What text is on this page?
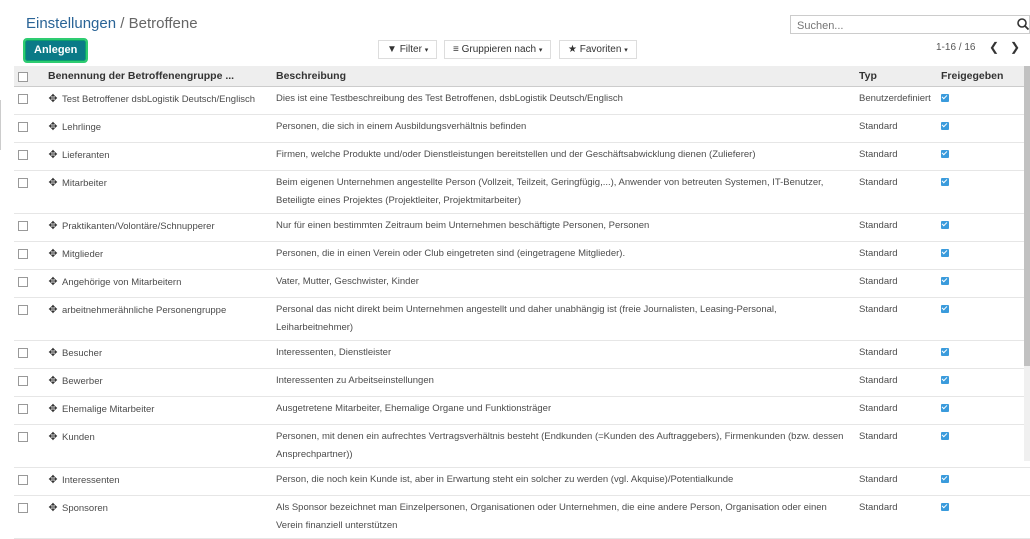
Einstellungen / Betroffene
Suchen...
Anlegen	▼ Filter ▾	≡ Gruppieren nach ▾	★ Favoriten ▾	1-16 / 16 ❮ ❯
	Benennung der Betroffenengruppe ...	Beschreibung	Typ	Freigegeben
	✥ Test Betroffener dsbLogistik Deutsch/Englisch	Dies ist eine Testbeschreibung des Test Betroffenen, dsbLogistik Deutsch/Englisch	Benutzerdefiniert	
	✥ Lehrlinge	Personen, die sich in einem Ausbildungsverhältnis befinden	Standard	
	✥ Lieferanten	Firmen, welche Produkte und/oder Dienstleistungen bereitstellen und der Geschäftsabwicklung dienen (Zulieferer)	Standard	
	✥ Mitarbeiter	Beim eigenen Unternehmen angestellte Person (Vollzeit, Teilzeit, Geringfügig,...), Anwender von betreuten Systemen, IT-Benutzer, Beteiligte eines Projektes (Projektleiter, Projektmitarbeiter)	Standard	
	✥ Praktikanten/Volontäre/Schnupperer	Nur für einen bestimmten Zeitraum beim Unternehmen beschäftigte Personen, Personen	Standard	
	✥ Mitglieder	Personen, die in einen Verein oder Club eingetreten sind (eingetragene Mitglieder).	Standard	
	✥ Angehörige von Mitarbeitern	Vater, Mutter, Geschwister, Kinder	Standard	
	✥ arbeitnehmerähnliche Personengruppe	Personal das nicht direkt beim Unternehmen angestellt und daher unabhängig ist (freie Journalisten, Leasing-Personal, Leiharbeitnehmer)	Standard	
	✥ Besucher	Interessenten, Dienstleister	Standard	
	✥ Bewerber	Interessenten zu Arbeitseinstellungen	Standard	
	✥ Ehemalige Mitarbeiter	Ausgetretene Mitarbeiter, Ehemalige Organe und Funktionsträger	Standard	
	✥ Kunden	Personen, mit denen ein aufrechtes Vertragsverhältnis besteht (Endkunden (=Kunden des Auftraggebers), Firmenkunden (bzw. dessen Ansprechpartner))	Standard	
	✥ Interessenten	Person, die noch kein Kunde ist, aber in Erwartung steht ein solcher zu werden (vgl. Akquise)/Potentialkunde	Standard	
	✥ Sponsoren	Als Sponsor bezeichnet man Einzelpersonen, Organisationen oder Unternehmen, die eine andere Person, Organisation oder einen Verein finanziell unterstützen	Standard	
